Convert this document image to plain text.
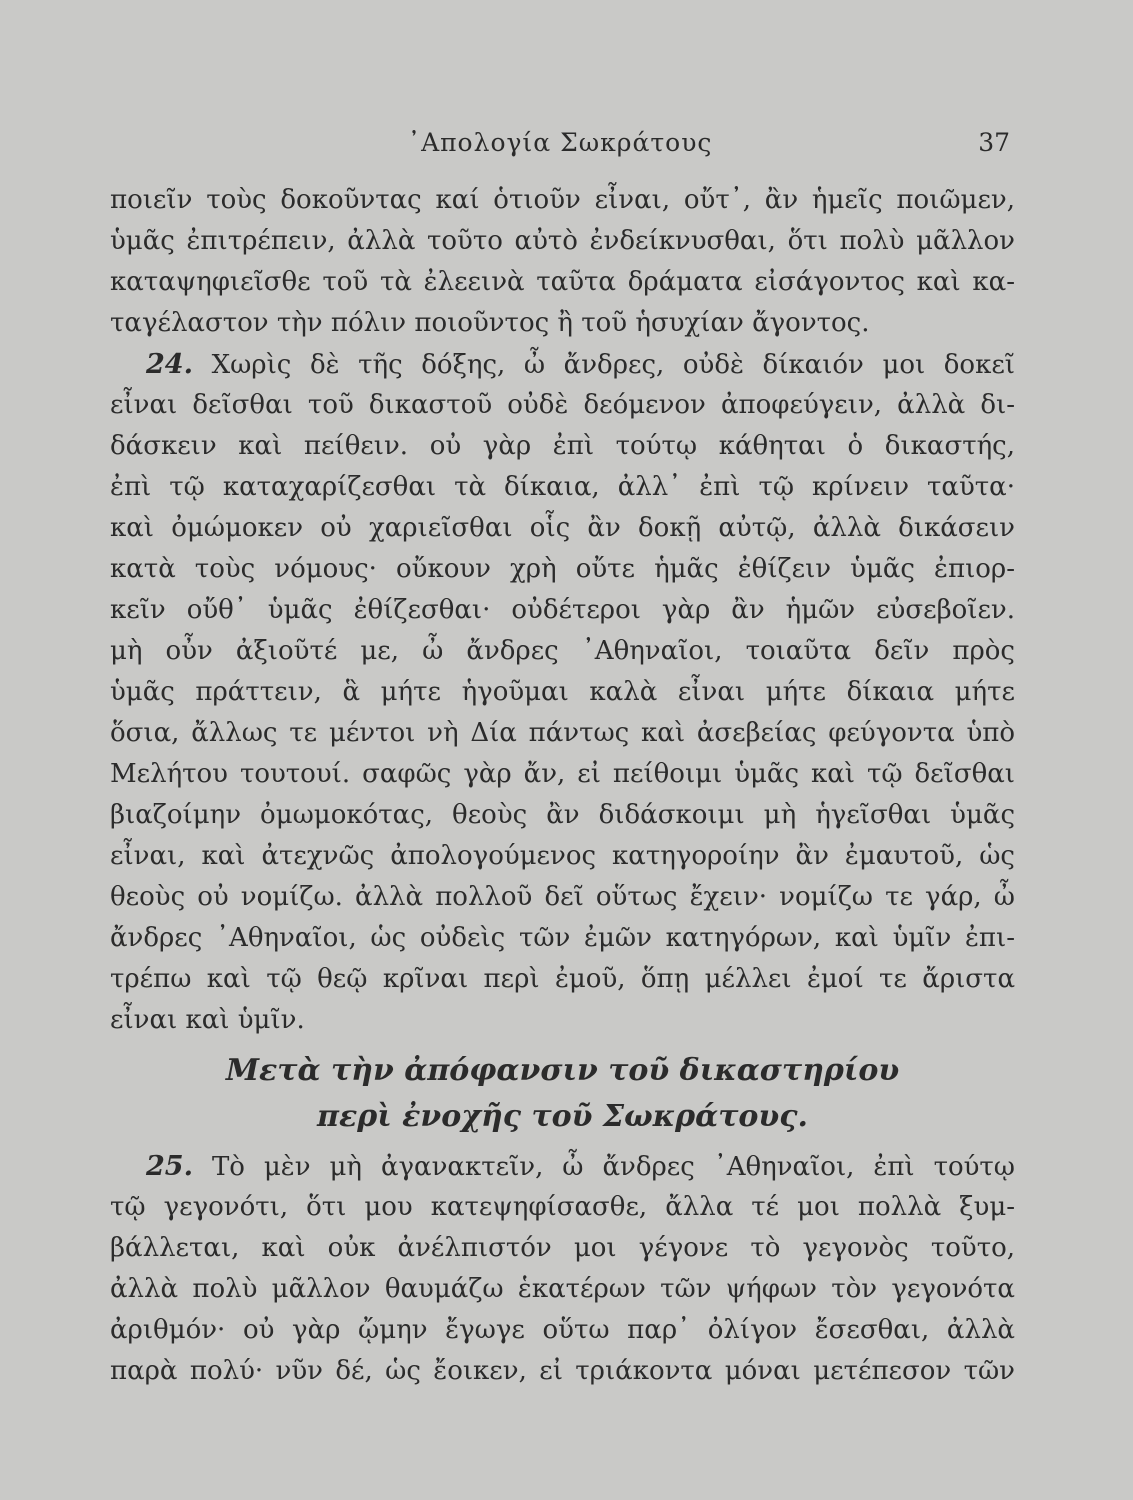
᾿Απολογία Σωκράτους	37
ποιεῖν τοὺς δοκοῦντας καί ὁτιοῦν εἶναι, οὔτ᾿, ἂν ἡμεῖς ποιῶμεν,
ὑμᾶς ἐπιτρέπειν, ἀλλὰ τοῦτο αὐτὸ ἐνδείκνυσθαι, ὅτι πολὺ μᾶλλον
καταψηφιεῖσθε τοῦ τὰ ἐλεεινὰ ταῦτα δράματα εἰσάγοντος καὶ κα-
ταγέλαστον τὴν πόλιν ποιοῦντος ἢ τοῦ ἡσυχίαν ἄγοντος.
24. Χωρὶς δὲ τῆς δόξης, ὦ ἄνδρες, οὐδὲ δίκαιόν μοι δοκεῖ
εἶναι δεῖσθαι τοῦ δικαστοῦ οὐδὲ δεόμενον ἀποφεύγειν, ἀλλὰ δι-
δάσκειν καὶ πείθειν. οὐ γὰρ ἐπὶ τούτῳ κάθηται ὁ δικαστής,
ἐπὶ τῷ καταχαρίζεσθαι τὰ δίκαια, ἀλλ᾿ ἐπὶ τῷ κρίνειν ταῦτα·
καὶ ὀμώμοκεν οὐ χαριεῖσθαι οἷς ἂν δοκῇ αὐτῷ, ἀλλὰ δικάσειν
κατὰ τοὺς νόμους· οὔκουν χρὴ οὔτε ἡμᾶς ἐθίζειν ὑμᾶς ἐπιορ-
κεῖν οὔθ᾿ ὑμᾶς ἐθίζεσθαι· οὐδέτεροι γὰρ ἂν ἡμῶν εὐσεβοῖεν.
μὴ οὖν ἀξιοῦτέ με, ὦ ἄνδρες ᾿Αθηναῖοι, τοιαῦτα δεῖν πρὸς
ὑμᾶς πράττειν, ἃ μήτε ἡγοῦμαι καλὰ εἶναι μήτε δίκαια μήτε
ὅσια, ἄλλως τε μέντοι νὴ Δία πάντως καὶ ἀσεβείας φεύγοντα ὑπὸ
Μελήτου τουτουί. σαφῶς γὰρ ἄν, εἰ πείθοιμι ὑμᾶς καὶ τῷ δεῖσθαι
βιαζοίμην ὀμωμοκότας, θεοὺς ἂν διδάσκοιμι μὴ ἡγεῖσθαι ὑμᾶς
εἶναι, καὶ ἀτεχνῶς ἀπολογούμενος κατηγοροίην ἂν ἐμαυτοῦ, ὡς
θεοὺς οὐ νομίζω. ἀλλὰ πολλοῦ δεῖ οὕτως ἔχειν· νομίζω τε γάρ, ὦ
ἄνδρες ᾿Αθηναῖοι, ὡς οὐδεὶς τῶν ἐμῶν κατηγόρων, καὶ ὑμῖν ἐπι-
τρέπω καὶ τῷ θεῷ κρῖναι περὶ ἐμοῦ, ὅπῃ μέλλει ἐμοί τε ἄριστα
εἶναι καὶ ὑμῖν.
Μετὰ τὴν ἀπόφανσιν τοῦ δικαστηρίου
περὶ ἐνοχῆς τοῦ Σωκράτους.
25. Τὸ μὲν μὴ ἀγανακτεῖν, ὦ ἄνδρες ᾿Αθηναῖοι, ἐπὶ τούτῳ
τῷ γεγονότι, ὅτι μου κατεψηφίσασθε, ἄλλα τέ μοι πολλὰ ξυμ-
βάλλεται, καὶ οὐκ ἀνέλπιστόν μοι γέγονε τὸ γεγονὸς τοῦτο,
ἀλλὰ πολὺ μᾶλλον θαυμάζω ἑκατέρων τῶν ψήφων τὸν γεγονότα
ἀριθμόν· οὐ γὰρ ᾤμην ἔγωγε οὕτω παρ᾿ ὀλίγον ἔσεσθαι, ἀλλὰ
παρὰ πολύ· νῦν δέ, ὡς ἔοικεν, εἰ τριάκοντα μόναι μετέπεσον τῶν
